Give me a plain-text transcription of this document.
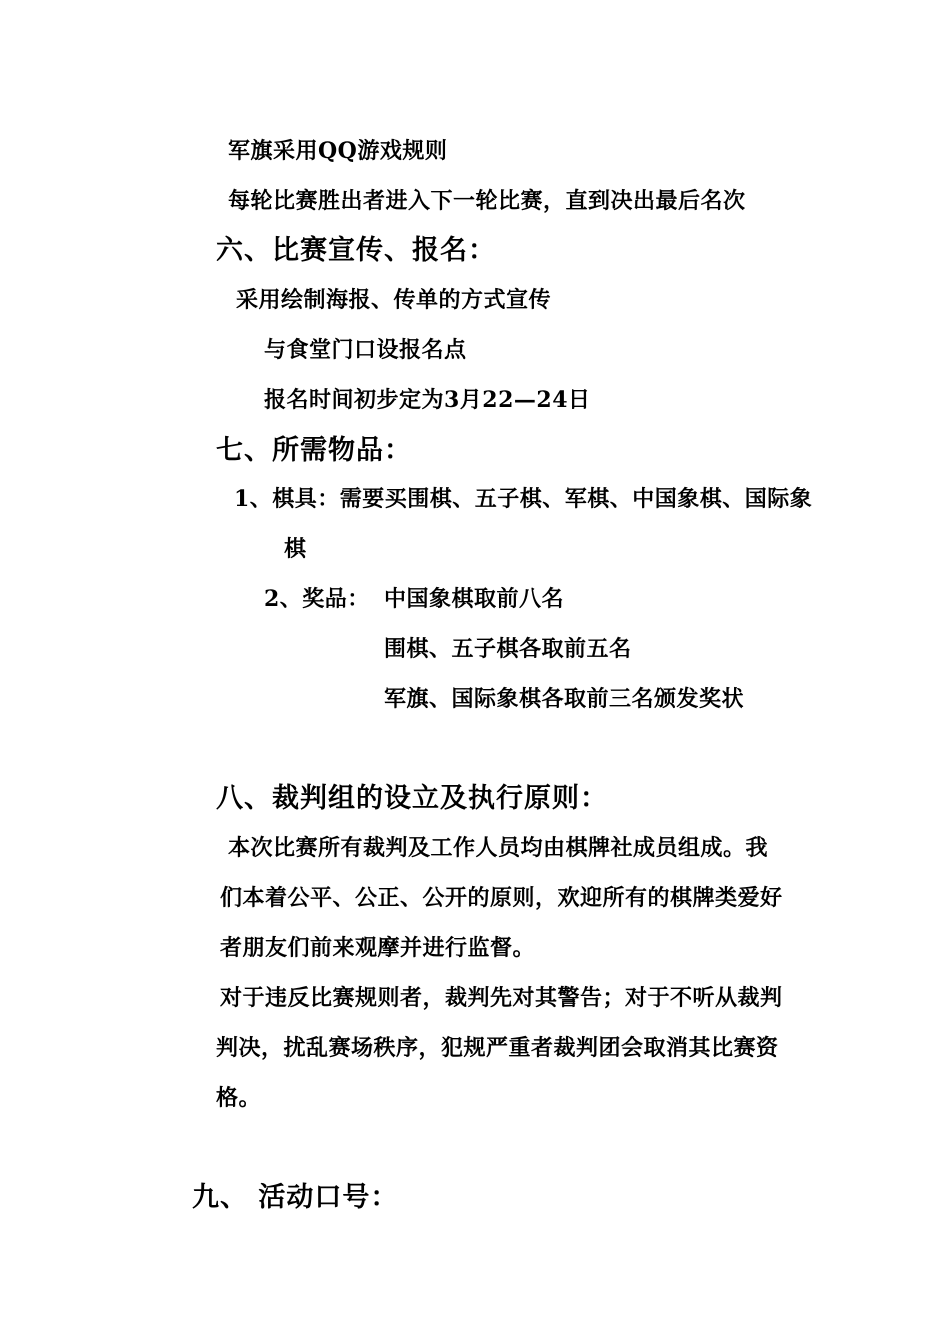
军旗采用QQ游戏规则
每轮比赛胜出者进入下一轮比赛，直到决出最后名次
六、比赛宣传、报名：
采用绘制海报、传单的方式宣传
与食堂门口设报名点
报名时间初步定为3月22—24日
七、所需物品：
1、棋具：需要买围棋、五子棋、军棋、中国象棋、国际象
棋
2、奖品： 中国象棋取前八名
围棋、五子棋各取前五名
军旗、国际象棋各取前三名颁发奖状
八、裁判组的设立及执行原则：
本次比赛所有裁判及工作人员均由棋牌社成员组成。我
们本着公平、公正、公开的原则，欢迎所有的棋牌类爱好
者朋友们前来观摩并进行监督。
对于违反比赛规则者，裁判先对其警告；对于不听从裁判
判决，扰乱赛场秩序，犯规严重者裁判团会取消其比赛资
格。
九、 活动口号：
